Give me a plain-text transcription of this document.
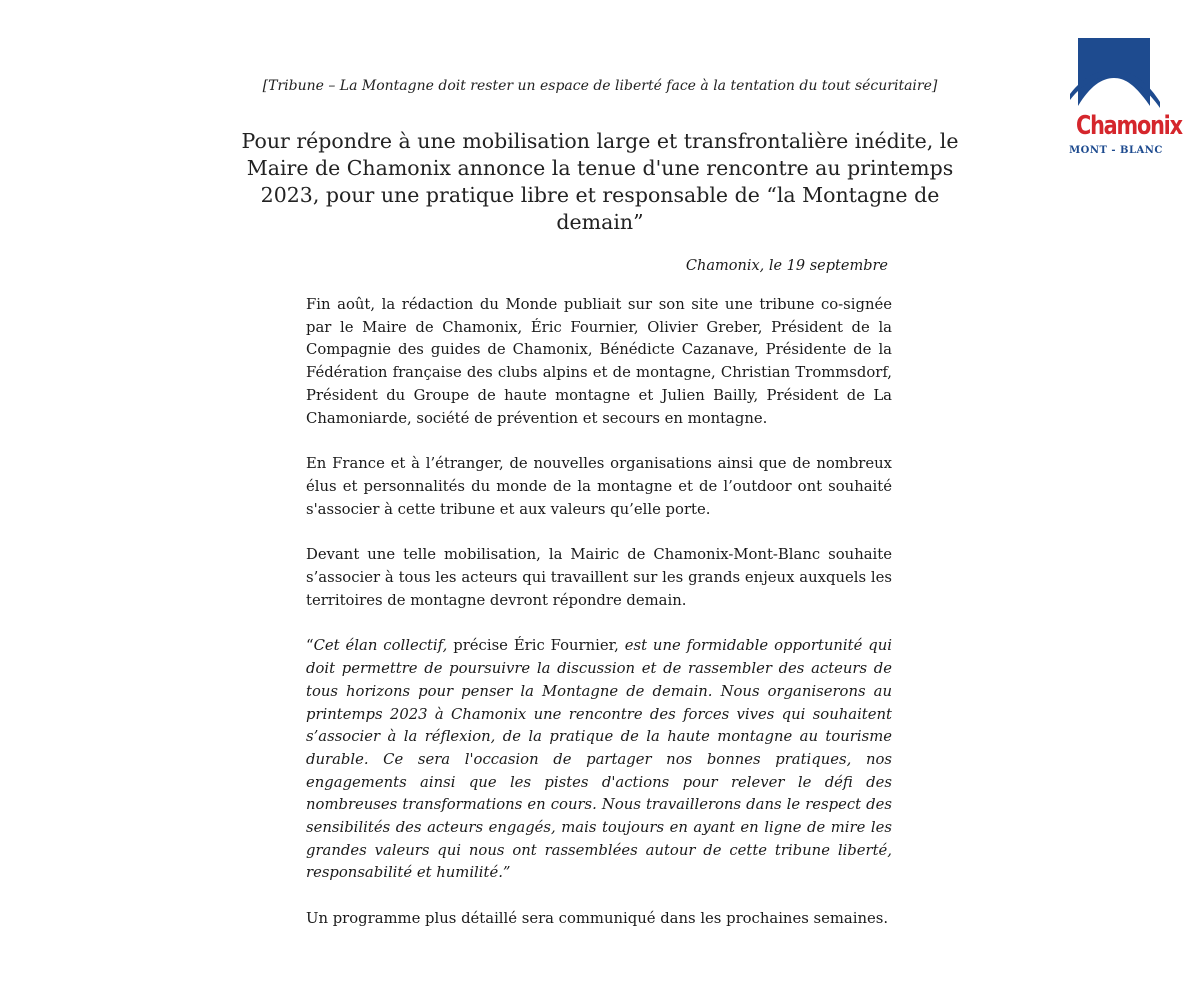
Chamonix
MONT - BLANC
[Tribune – La Montagne doit rester un espace de liberté face à la tentation du tout sécuritaire]
Pour répondre à une mobilisation large et transfrontalière inédite, le Maire de Chamonix annonce la tenue d'une rencontre au printemps 2023, pour une pratique libre et responsable de “la Montagne de demain”
Chamonix, le 19 septembre

Fin août, la rédaction du Monde publiait sur son site une tribune co-signée par le Maire de Chamonix, Éric Fournier, Olivier Greber, Président de la Compagnie des guides de Chamonix, Bénédicte Cazanave, Présidente de la Fédération française des clubs alpins et de montagne, Christian Trommsdorf, Président du Groupe de haute montagne et Julien Bailly, Président de La Chamoniarde, société de prévention et secours en montagne.

En France et à l’étranger, de nouvelles organisations ainsi que de nombreux élus et personnalités du monde de la montagne et de l’outdoor ont souhaité s'associer à cette tribune et aux valeurs qu’elle porte.

Devant une telle mobilisation, la Mairic de Chamonix-Mont-Blanc souhaite s’associer à tous les acteurs qui travaillent sur les grands enjeux auxquels les territoires de montagne devront répondre demain.

“Cet élan collectif, précise Éric Fournier, est une formidable opportunité qui doit permettre de poursuivre la discussion et de rassembler des acteurs de tous horizons pour penser la Montagne de demain. Nous organiserons au printemps 2023 à Chamonix une rencontre des forces vives qui souhaitent s’associer à la réflexion, de la pratique de la haute montagne au tourisme durable. Ce sera l'occasion de partager nos bonnes pratiques, nos engagements ainsi que les pistes d'actions pour relever le défi des nombreuses transformations en cours. Nous travaillerons dans le respect des sensibilités des acteurs engagés, mais toujours en ayant en ligne de mire les grandes valeurs qui nous ont rassemblées autour de cette tribune liberté, responsabilité et humilité.”

Un programme plus détaillé sera communiqué dans les prochaines semaines.
